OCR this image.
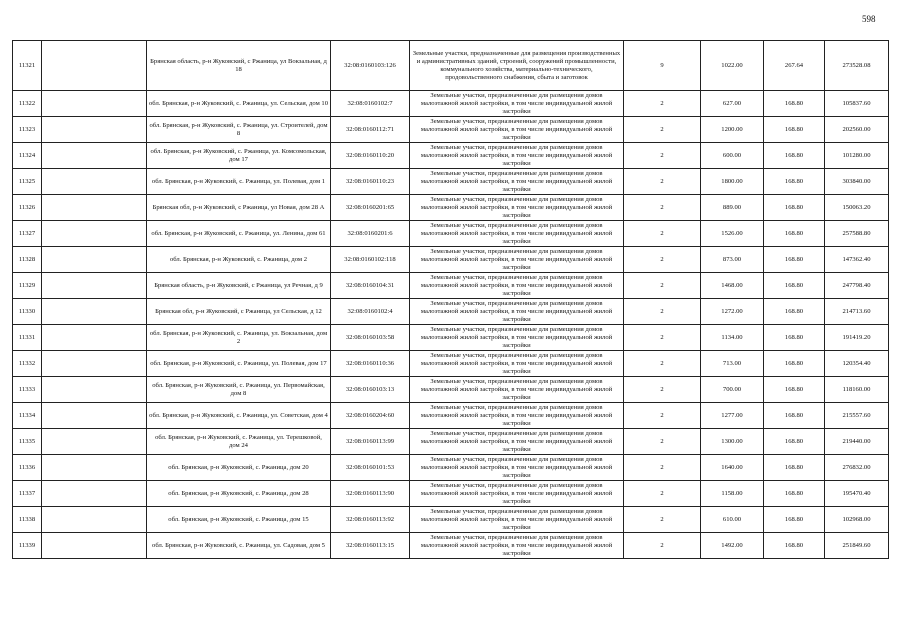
598
11321		Брянская область, р-н Жуковский, с Ржаница, ул Вокзальная, д 18	32:08:0160103:126	Земельные участки, предназначенные для размещения производственных и административных зданий, строений, сооружений промышленности, коммунального хозяйства, материально-технического, продовольственного снабжения, сбыта и заготовок	9	1022.00	267.64	273528.08
11322		обл. Брянская, р-н Жуковский, с. Ржаница, ул. Сельская, дом 10	32:08:0160102:7	Земельные участки, предназначенные для размещения домов малоэтажной жилой застройки, в том числе индивидуальной жилой застройки	2	627.00	168.80	105837.60
11323		обл. Брянская, р-н Жуковский, с. Ржаница, ул. Строителей, дом 8	32:08:0160112:71	Земельные участки, предназначенные для размещения домов малоэтажной жилой застройки, в том числе индивидуальной жилой застройки	2	1200.00	168.80	202560.00
11324		обл. Брянская, р-н Жуковский, с. Ржаница, ул. Комсомольская, дом 17	32:08:0160110:20	Земельные участки, предназначенные для размещения домов малоэтажной жилой застройки, в том числе индивидуальной жилой застройки	2	600.00	168.80	101280.00
11325		обл. Брянская, р-н Жуковский, с. Ржаница, ул. Полевая, дом 1	32:08:0160110:23	Земельные участки, предназначенные для размещения домов малоэтажной жилой застройки, в том числе индивидуальной жилой застройки	2	1800.00	168.80	303840.00
11326		Брянская обл, р-н Жуковский, с Ржаница, ул Новая, дом 28 А	32:08:0160201:65	Земельные участки, предназначенные для размещения домов малоэтажной жилой застройки, в том числе индивидуальной жилой застройки	2	889.00	168.80	150063.20
11327		обл. Брянская, р-н Жуковский, с. Ржаница, ул. Ленина, дом 61	32:08:0160201:6	Земельные участки, предназначенные для размещения домов малоэтажной жилой застройки, в том числе индивидуальной жилой застройки	2	1526.00	168.80	257588.80
11328		обл. Брянская, р-н Жуковский, с. Ржаница, дом 2	32:08:0160102:118	Земельные участки, предназначенные для размещения домов малоэтажной жилой застройки, в том числе индивидуальной жилой застройки	2	873.00	168.80	147362.40
11329		Брянская область, р-н Жуковский, с Ржаница, ул Речная, д 9	32:08:0160104:31	Земельные участки, предназначенные для размещения домов малоэтажной жилой застройки, в том числе индивидуальной жилой застройки	2	1468.00	168.80	247798.40
11330		Брянская обл, р-н Жуковский, с Ржаница, ул Сельская, д 12	32:08:0160102:4	Земельные участки, предназначенные для размещения домов малоэтажной жилой застройки, в том числе индивидуальной жилой застройки	2	1272.00	168.80	214713.60
11331		обл. Брянская, р-н Жуковский, с. Ржаница, ул. Вокзальная, дом 2	32:08:0160103:58	Земельные участки, предназначенные для размещения домов малоэтажной жилой застройки, в том числе индивидуальной жилой застройки	2	1134.00	168.80	191419.20
11332		обл. Брянская, р-н Жуковский, с. Ржаница, ул. Полевая, дом 17	32:08:0160110:36	Земельные участки, предназначенные для размещения домов малоэтажной жилой застройки, в том числе индивидуальной жилой застройки	2	713.00	168.80	120354.40
11333		обл. Брянская, р-н Жуковский, с. Ржаница, ул. Первомайская, дом 8	32:08:0160103:13	Земельные участки, предназначенные для размещения домов малоэтажной жилой застройки, в том числе индивидуальной жилой застройки	2	700.00	168.80	118160.00
11334		обл. Брянская, р-н Жуковский, с. Ржаница, ул. Советская, дом 4	32:08:0160204:60	Земельные участки, предназначенные для размещения домов малоэтажной жилой застройки, в том числе индивидуальной жилой застройки	2	1277.00	168.80	215557.60
11335		обл. Брянская, р-н Жуковский, с. Ржаница, ул. Терешковой, дом 24	32:08:0160113:99	Земельные участки, предназначенные для размещения домов малоэтажной жилой застройки, в том числе индивидуальной жилой застройки	2	1300.00	168.80	219440.00
11336		обл. Брянская, р-н Жуковский, с. Ржаница, дом 20	32:08:0160101:53	Земельные участки, предназначенные для размещения домов малоэтажной жилой застройки, в том числе индивидуальной жилой застройки	2	1640.00	168.80	276832.00
11337		обл. Брянская, р-н Жуковский, с. Ржаница, дом 28	32:08:0160113:90	Земельные участки, предназначенные для размещения домов малоэтажной жилой застройки, в том числе индивидуальной жилой застройки	2	1158.00	168.80	195470.40
11338		обл. Брянская, р-н Жуковский, с. Ржаница, дом 15	32:08:0160113:92	Земельные участки, предназначенные для размещения домов малоэтажной жилой застройки, в том числе индивидуальной жилой застройки	2	610.00	168.80	102968.00
11339		обл. Брянская, р-н Жуковский, с. Ржаница, ул. Садовая, дом 5	32:08:0160113:15	Земельные участки, предназначенные для размещения домов малоэтажной жилой застройки, в том числе индивидуальной жилой застройки	2	1492.00	168.80	251849.60
